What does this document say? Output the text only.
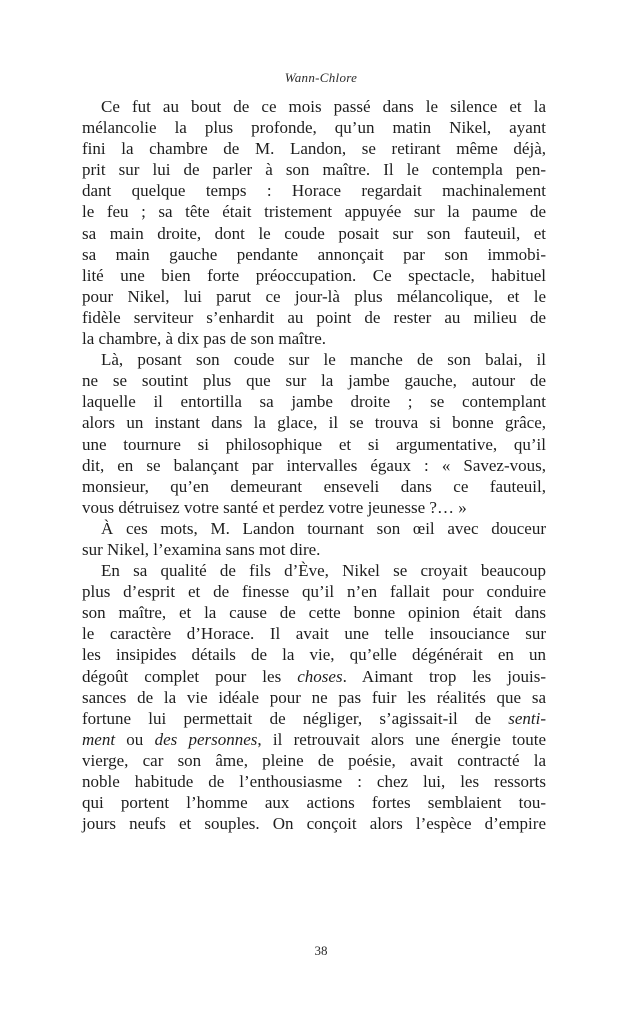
Wann-Chlore
Ce fut au bout de ce mois passé dans le silence et la
mélancolie la plus profonde, qu’un matin Nikel, ayant
fini la chambre de M. Landon, se retirant même déjà,
prit sur lui de parler à son maître. Il le contempla pen-
dant quelque temps : Horace regardait machinalement
le feu ; sa tête était tristement appuyée sur la paume de
sa main droite, dont le coude posait sur son fauteuil, et
sa main gauche pendante annonçait par son immobi-
lité une bien forte préoccupation. Ce spectacle, habituel
pour Nikel, lui parut ce jour-là plus mélancolique, et le
fidèle serviteur s’enhardit au point de rester au milieu de
la chambre, à dix pas de son maître.
Là, posant son coude sur le manche de son balai, il
ne se soutint plus que sur la jambe gauche, autour de
laquelle il entortilla sa jambe droite ; se contemplant
alors un instant dans la glace, il se trouva si bonne grâce,
une tournure si philosophique et si argumentative, qu’il
dit, en se balançant par intervalles égaux : « Savez-vous,
monsieur, qu’en demeurant enseveli dans ce fauteuil,
vous détruisez votre santé et perdez votre jeunesse ?… »
À ces mots, M. Landon tournant son œil avec douceur
sur Nikel, l’examina sans mot dire.
En sa qualité de fils d’Ève, Nikel se croyait beaucoup
plus d’esprit et de finesse qu’il n’en fallait pour conduire
son maître, et la cause de cette bonne opinion était dans
le caractère d’Horace. Il avait une telle insouciance sur
les insipides détails de la vie, qu’elle dégénérait en un
dégoût complet pour les choses. Aimant trop les jouis-
sances de la vie idéale pour ne pas fuir les réalités que sa
fortune lui permettait de négliger, s’agissait-il de senti-
ment ou des personnes, il retrouvait alors une énergie toute
vierge, car son âme, pleine de poésie, avait contracté la
noble habitude de l’enthousiasme : chez lui, les ressorts
qui portent l’homme aux actions fortes semblaient tou-
jours neufs et souples. On conçoit alors l’espèce d’empire
38
